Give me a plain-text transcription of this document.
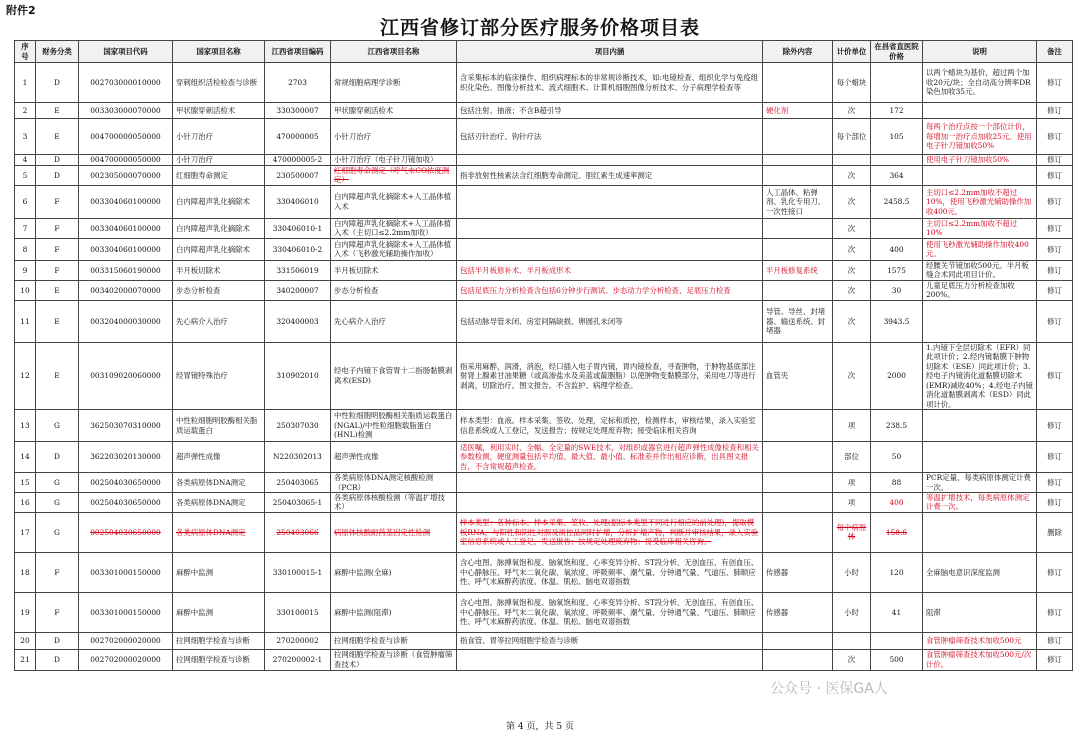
附件2
江西省修订部分医疗服务价格项目表
序号	财务分类	国家项目代码	国家项目名称	江西省项目编码	江西省项目名称	项目内涵	除外内容	计价单位	在昌省直医院价格	说明	备注
1	D	002703000010000	穿刺组织活检检查与诊断	2703	常规细胞病理学诊断	含采集标本的临床操作、组织病理标本的非常规诊断技术，如:电镜检查、组织化学与免疫组织化染色、图像分析技术、流式细胞术、计算机细胞图像分析技术、分子病理学检查等		每个蜡块		以两个蜡块为基价，超过两个加收20元/块；全自动高分辨率DR染色加收35元。	修订
2	E	003303000070000	甲状腺穿刺活检术	330300007	甲状腺穿刺活检术	包括注射、抽液；不含B超引导	硬化剂	次	172		修订
3	E	004700000050000	小针刀治疗	470000005	小针刀治疗	包括刃针治疗、钩针疗法		每个部位	105	每两个治疗点按一个部位计价，每增加一治疗点加收25元。使用电子针刀镜加收50%	修订
4	D	004700000050000	小针刀治疗	470000005-2	小针刀治疗（电子针刀镜加收）					使用电子针刀镜加收50%	修订
5	D	002305000070000	红细胞寿命测定	230500007	红细胞寿命测定（呼气末CO浓度测定）	指非放射性核素法含红细胞寿命测定、胆红素生成速率测定		次	364		修订
6	F	003304060100000	白内障超声乳化摘除术	330406010	白内障超声乳化摘除术+人工晶体植入术		人工晶体、粘弹剂、乳化专用刀、一次性接口	次	2458.5	主切口≤2.2mm加收不超过10%，使用飞秒激光辅助操作加收400元。	修订
7	F	003304060100000	白内障超声乳化摘除术	330406010-1	白内障超声乳化摘除术+人工晶体植入术（主切口≤2.2mm加收）			次		主切口≤2.2mm加收不超过10%	修订
8	F	003304060100000	白内障超声乳化摘除术	330406010-2	白内障超声乳化摘除术+人工晶体植入术（飞秒激光辅助操作加收）			次	400	使用飞秒激光辅助操作加收400元。	修订
9	F	003315060190000	半月板切除术	331506019	半月板切除术	包括半月板修补术、半月板成形术	半月板修复系统	次	1575	经腰关节镜加收500元。半月板缝合术同此项目计价。	修订
10	E	003402000070000	步态分析检查	340200007	步态分析检查	包括足底压力分析检查含包括6分钟步行测试、步态动力学分析检查、足底压力检查		次	30	儿童足底压力分析检查加收200%。	修订
11	E	003204000030000	先心病介入治疗	320400003	先心病介入治疗	包括动脉导管未闭、房室间隔缺损、卵圆孔未闭等	导管、导丝、封堵器、输送系统、封堵器	次	3943.5		修订
12	E	003109020060000	经胃镜特殊治疗	310902010	经电子内镜下食管胃十二指肠黏膜剥离术(ESD)	指采用麻醉，润滑，消泡，经口插入电子胃内镜，胃内镜检查，寻查肿物，于肿物基底部注射肾上腺素甘油果糖（或高渗盐水及美蓝或靛胭脂）以使肿物变黏膜部分，采用电刀等进行剥离，切除治疗。图文报告。不含监护、病理学检查。	血管夹	次	2000	1.内镜下全层切除术（EFR）同此项计价；2.经内镜黏膜下肿物切除术（ESE）同此项计价；3.经电子内镜消化道黏膜切除术(EMR)减收40%；4.经电子内镜消化道黏膜剥离术（ESD）同此项计价。	修订
13	G	362503070310000	中性粒细胞明胶酶相关脂质运载蛋白	250307030	中性粒细胞明胶酶相关脂质运载蛋白(NGAL)/中性粒细胞载脂蛋白(HNL)检测	样本类型：血液。样本采集、签收、处理，定标和质控，检测样本，审核结果，录入实验室信息系统或人工登记，发送报告；按规定处理废弃物；接受临床相关咨询		项	238.5		修订
14	D	362203020130000	超声弹性成像	N220302013	超声弹性成像	适医嘱，利用实时、全幅、全定量的SWE技术，对组织或器官进行超声弹性成像检查和相关参数检测，硬度测量包括平均值、最大值、最小值、标准差并作出相应诊断，出具图文报告，不含常规超声检查。		部位	50		修订
15	G	002504030650000	各类病原体DNA测定	250403065	各类病原体DNA测定核酸检测（PCR）			项	88	PCR定量、每类病原体测定计费一次。	修订
16	G	002504030650000	各类病原体DNA测定	250403065-1	各类病原体核酸检测（等温扩增技术）			项	400	等温扩增技术，每类病原体测定计费一次。	修订
17	G	002504030650000	各类病原体DNA测定	250403066	病原体核酸耐药基因定性检测	样本类型：各种标本。样本采集、签收、处理(据标本类型不同进行相应的前处理)，提取模板RNA，与阳性和阴性对照及质控品同时扩增，分析扩增产物，判断并审核结果，录入实验室信息系统或人工登记，发送报告；按规定处理废弃物；接受临床相关咨询。		每个病原体	158.6		删除
18	F	003301000150000	麻醉中监测	330100015-1	麻醉中监测(全麻)	含心电图、脉搏氧饱和度、脑氧饱和度、心率变异分析、ST段分析、无创血压、有创血压、中心静脉压、呼气末二氧化碳、氧浓度、呼吸频率、潮气量、分钟通气量、气道压、肺顺应性、呼气末麻醉药浓度、体温、肌松、脑电双谱指数	传感器	小时	120	全麻脑电意识深度监测	修订
19	F	003301000150000	麻醉中监测	330100015	麻醉中监测(阻滞)	含心电图、脉搏氧饱和度、脑氧饱和度、心率变异分析、ST段分析、无创血压、有创血压、中心静脉压、呼气末二氧化碳、氧浓度、呼吸频率、潮气量、分钟通气量、气道压、肺顺应性、呼气末麻醉药浓度、体温、肌松、脑电双谱指数	传感器	小时	41	阻滞	修订
20	D	002702000020000	拉网细胞学检查与诊断	270200002	拉网细胞学检查与诊断	指食管、胃等拉网细胞学检查与诊断				食管肿瘤筛查技术加收500元	修订
21	D	002702000020000	拉网细胞学检查与诊断	270200002-1	拉网细胞学检查与诊断（食管肿瘤筛查技术）			次	500	食管肿瘤筛查技术加收500元/次计价。	修订
第 4 页，共 5 页
公众号 · 医保GA人
